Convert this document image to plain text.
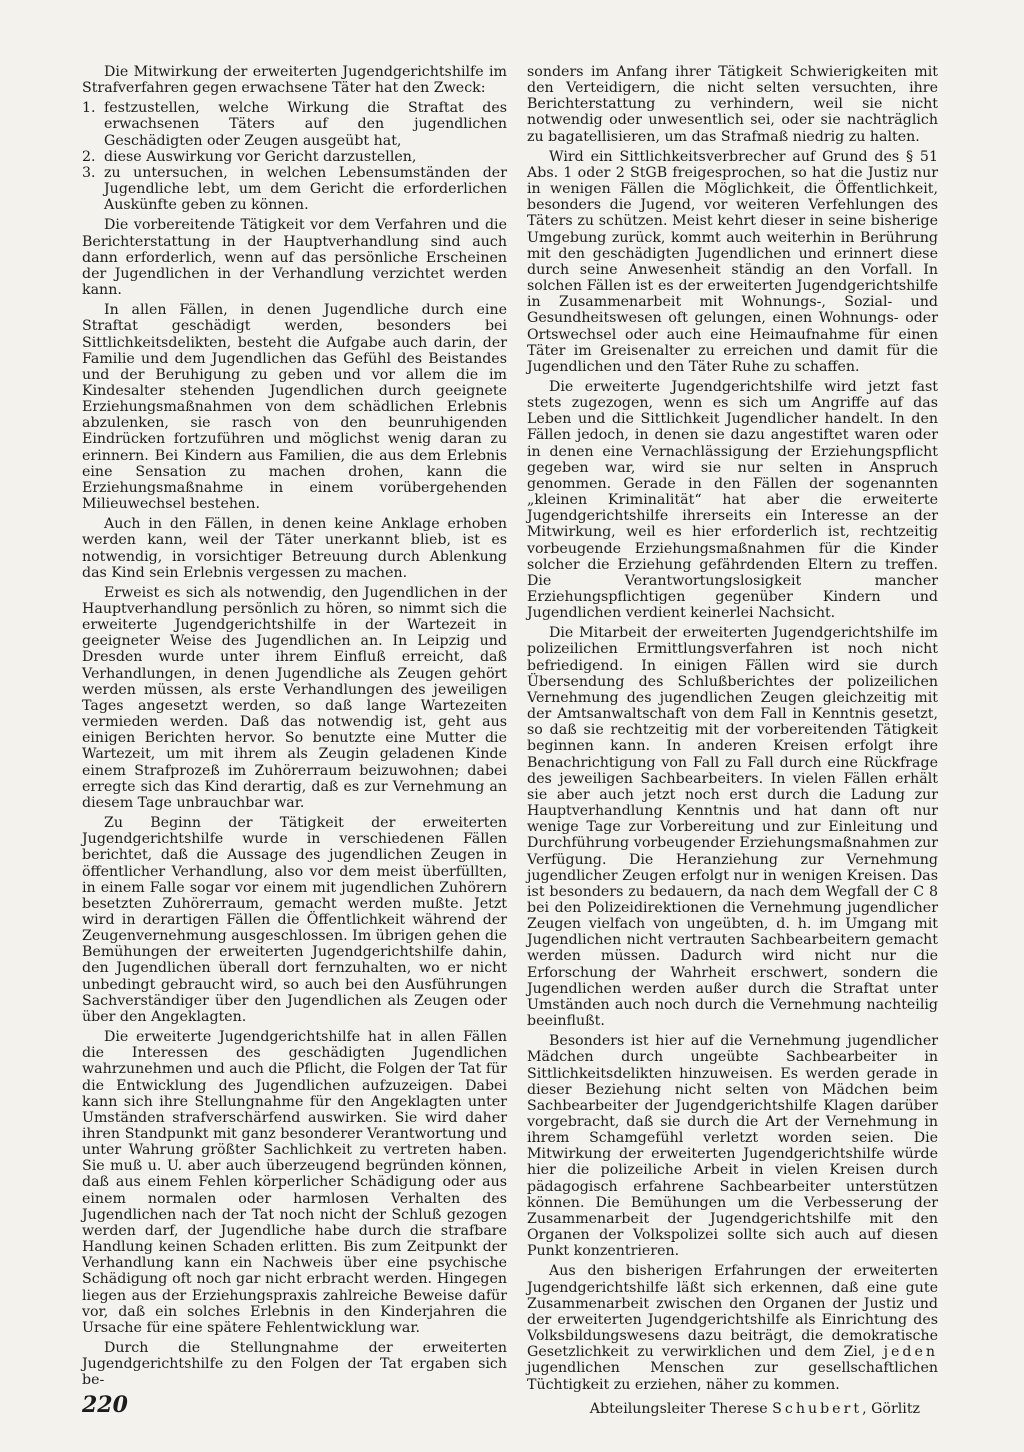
Die Mitwirkung der erweiterten Jugendgerichtshilfe im Strafverfahren gegen erwachsene Täter hat den Zweck:

1. festzustellen, welche Wirkung die Straftat des erwachsenen Täters auf den jugendlichen Geschädigten oder Zeugen ausgeübt hat,
2. diese Auswirkung vor Gericht darzustellen,
3. zu untersuchen, in welchen Lebensumständen der Jugendliche lebt, um dem Gericht die erforderlichen Auskünfte geben zu können.

Die vorbereitende Tätigkeit vor dem Verfahren und die Berichterstattung in der Hauptverhandlung sind auch dann erforderlich, wenn auf das persönliche Erscheinen der Jugendlichen in der Verhandlung verzichtet werden kann.

In allen Fällen, in denen Jugendliche durch eine Straftat geschädigt werden, besonders bei Sittlichkeitsdelikten, besteht die Aufgabe auch darin, der Familie und dem Jugendlichen das Gefühl des Beistandes und der Beruhigung zu geben und vor allem die im Kindesalter stehenden Jugendlichen durch geeignete Erziehungsmaßnahmen von dem schädlichen Erlebnis abzulenken, sie rasch von den beunruhigenden Eindrücken fortzuführen und möglichst wenig daran zu erinnern. Bei Kindern aus Familien, die aus dem Erlebnis eine Sensation zu machen drohen, kann die Erziehungsmaßnahme in einem vorübergehenden Milieuwechsel bestehen.

Auch in den Fällen, in denen keine Anklage erhoben werden kann, weil der Täter unerkannt blieb, ist es notwendig, in vorsichtiger Betreuung durch Ablenkung das Kind sein Erlebnis vergessen zu machen.

Erweist es sich als notwendig, den Jugendlichen in der Hauptverhandlung persönlich zu hören, so nimmt sich die erweiterte Jugendgerichtshilfe in der Wartezeit in geeigneter Weise des Jugendlichen an. In Leipzig und Dresden wurde unter ihrem Einfluß erreicht, daß Verhandlungen, in denen Jugendliche als Zeugen gehört werden müssen, als erste Verhandlungen des jeweiligen Tages angesetzt werden, so daß lange Wartezeiten vermieden werden. Daß das notwendig ist, geht aus einigen Berichten hervor. So benutzte eine Mutter die Wartezeit, um mit ihrem als Zeugin geladenen Kinde einem Strafprozeß im Zuhörerraum beizuwohnen; dabei erregte sich das Kind derartig, daß es zur Vernehmung an diesem Tage unbrauchbar war.

Zu Beginn der Tätigkeit der erweiterten Jugendgerichtshilfe wurde in verschiedenen Fällen berichtet, daß die Aussage des jugendlichen Zeugen in öffentlicher Verhandlung, also vor dem meist überfüllten, in einem Falle sogar vor einem mit jugendlichen Zuhörern besetzten Zuhörerraum, gemacht werden mußte. Jetzt wird in derartigen Fällen die Öffentlichkeit während der Zeugenvernehmung ausgeschlossen. Im übrigen gehen die Bemühungen der erweiterten Jugendgerichtshilfe dahin, den Jugendlichen überall dort fernzuhalten, wo er nicht unbedingt gebraucht wird, so auch bei den Ausführungen Sachverständiger über den Jugendlichen als Zeugen oder über den Angeklagten.

Die erweiterte Jugendgerichtshilfe hat in allen Fällen die Interessen des geschädigten Jugendlichen wahrzunehmen und auch die Pflicht, die Folgen der Tat für die Entwicklung des Jugendlichen aufzuzeigen. Dabei kann sich ihre Stellungnahme für den Angeklagten unter Umständen strafverschärfend auswirken. Sie wird daher ihren Standpunkt mit ganz besonderer Verantwortung und unter Wahrung größter Sachlichkeit zu vertreten haben. Sie muß u. U. aber auch überzeugend begründen können, daß aus einem Fehlen körperlicher Schädigung oder aus einem normalen oder harmlosen Verhalten des Jugendlichen nach der Tat noch nicht der Schluß gezogen werden darf, der Jugendliche habe durch die strafbare Handlung keinen Schaden erlitten. Bis zum Zeitpunkt der Verhandlung kann ein Nachweis über eine psychische Schädigung oft noch gar nicht erbracht werden. Hingegen liegen aus der Erziehungspraxis zahlreiche Beweise dafür vor, daß ein solches Erlebnis in den Kinderjahren die Ursache für eine spätere Fehlentwicklung war.

Durch die Stellungnahme der erweiterten Jugendgerichtshilfe zu den Folgen der Tat ergaben sich be-

sonders im Anfang ihrer Tätigkeit Schwierigkeiten mit den Verteidigern, die nicht selten versuchten, ihre Berichterstattung zu verhindern, weil sie nicht notwendig oder unwesentlich sei, oder sie nachträglich zu bagatellisieren, um das Strafmaß niedrig zu halten.

Wird ein Sittlichkeitsverbrecher auf Grund des § 51 Abs. 1 oder 2 StGB freigesprochen, so hat die Justiz nur in wenigen Fällen die Möglichkeit, die Öffentlichkeit, besonders die Jugend, vor weiteren Verfehlungen des Täters zu schützen. Meist kehrt dieser in seine bisherige Umgebung zurück, kommt auch weiterhin in Berührung mit den geschädigten Jugendlichen und erinnert diese durch seine Anwesenheit ständig an den Vorfall. In solchen Fällen ist es der erweiterten Jugendgerichtshilfe in Zusammenarbeit mit Wohnungs-, Sozial- und Gesundheitswesen oft gelungen, einen Wohnungs- oder Ortswechsel oder auch eine Heimaufnahme für einen Täter im Greisenalter zu erreichen und damit für die Jugendlichen und den Täter Ruhe zu schaffen.

Die erweiterte Jugendgerichtshilfe wird jetzt fast stets zugezogen, wenn es sich um Angriffe auf das Leben und die Sittlichkeit Jugendlicher handelt. In den Fällen jedoch, in denen sie dazu angestiftet waren oder in denen eine Vernachlässigung der Erziehungspflicht gegeben war, wird sie nur selten in Anspruch genommen. Gerade in den Fällen der sogenannten „kleinen Kriminalität“ hat aber die erweiterte Jugendgerichtshilfe ihrerseits ein Interesse an der Mitwirkung, weil es hier erforderlich ist, rechtzeitig vorbeugende Erziehungsmaßnahmen für die Kinder solcher die Erziehung gefährdenden Eltern zu treffen. Die Verantwortungslosigkeit mancher Erziehungspflichtigen gegenüber Kindern und Jugendlichen verdient keinerlei Nachsicht.

Die Mitarbeit der erweiterten Jugendgerichtshilfe im polizeilichen Ermittlungsverfahren ist noch nicht befriedigend. In einigen Fällen wird sie durch Übersendung des Schlußberichtes der polizeilichen Vernehmung des jugendlichen Zeugen gleichzeitig mit der Amtsanwaltschaft von dem Fall in Kenntnis gesetzt, so daß sie rechtzeitig mit der vorbereitenden Tätigkeit beginnen kann. In anderen Kreisen erfolgt ihre Benachrichtigung von Fall zu Fall durch eine Rückfrage des jeweiligen Sachbearbeiters. In vielen Fällen erhält sie aber auch jetzt noch erst durch die Ladung zur Hauptverhandlung Kenntnis und hat dann oft nur wenige Tage zur Vorbereitung und zur Einleitung und Durchführung vorbeugender Erziehungsmaßnahmen zur Verfügung. Die Heranziehung zur Vernehmung jugendlicher Zeugen erfolgt nur in wenigen Kreisen. Das ist besonders zu bedauern, da nach dem Wegfall der C 8 bei den Polizeidirektionen die Vernehmung jugendlicher Zeugen vielfach von ungeübten, d. h. im Umgang mit Jugendlichen nicht vertrauten Sachbearbeitern gemacht werden müssen. Dadurch wird nicht nur die Erforschung der Wahrheit erschwert, sondern die Jugendlichen werden außer durch die Straftat unter Umständen auch noch durch die Vernehmung nachteilig beeinflußt.

Besonders ist hier auf die Vernehmung jugendlicher Mädchen durch ungeübte Sachbearbeiter in Sittlichkeitsdelikten hinzuweisen. Es werden gerade in dieser Beziehung nicht selten von Mädchen beim Sachbearbeiter der Jugendgerichtshilfe Klagen darüber vorgebracht, daß sie durch die Art der Vernehmung in ihrem Schamgefühl verletzt worden seien. Die Mitwirkung der erweiterten Jugendgerichtshilfe würde hier die polizeiliche Arbeit in vielen Kreisen durch pädagogisch erfahrene Sachbearbeiter unterstützen können. Die Bemühungen um die Verbesserung der Zusammenarbeit der Jugendgerichtshilfe mit den Organen der Volkspolizei sollte sich auch auf diesen Punkt konzentrieren.

Aus den bisherigen Erfahrungen der erweiterten Jugendgerichtshilfe läßt sich erkennen, daß eine gute Zusammenarbeit zwischen den Organen der Justiz und der erweiterten Jugendgerichtshilfe als Einrichtung des Volksbildungswesens dazu beiträgt, die demokratische Gesetzlichkeit zu verwirklichen und dem Ziel, jeden jugendlichen Menschen zur gesellschaftlichen Tüchtigkeit zu erziehen, näher zu kommen.

Abteilungsleiter Therese Schubert, Görlitz
220
